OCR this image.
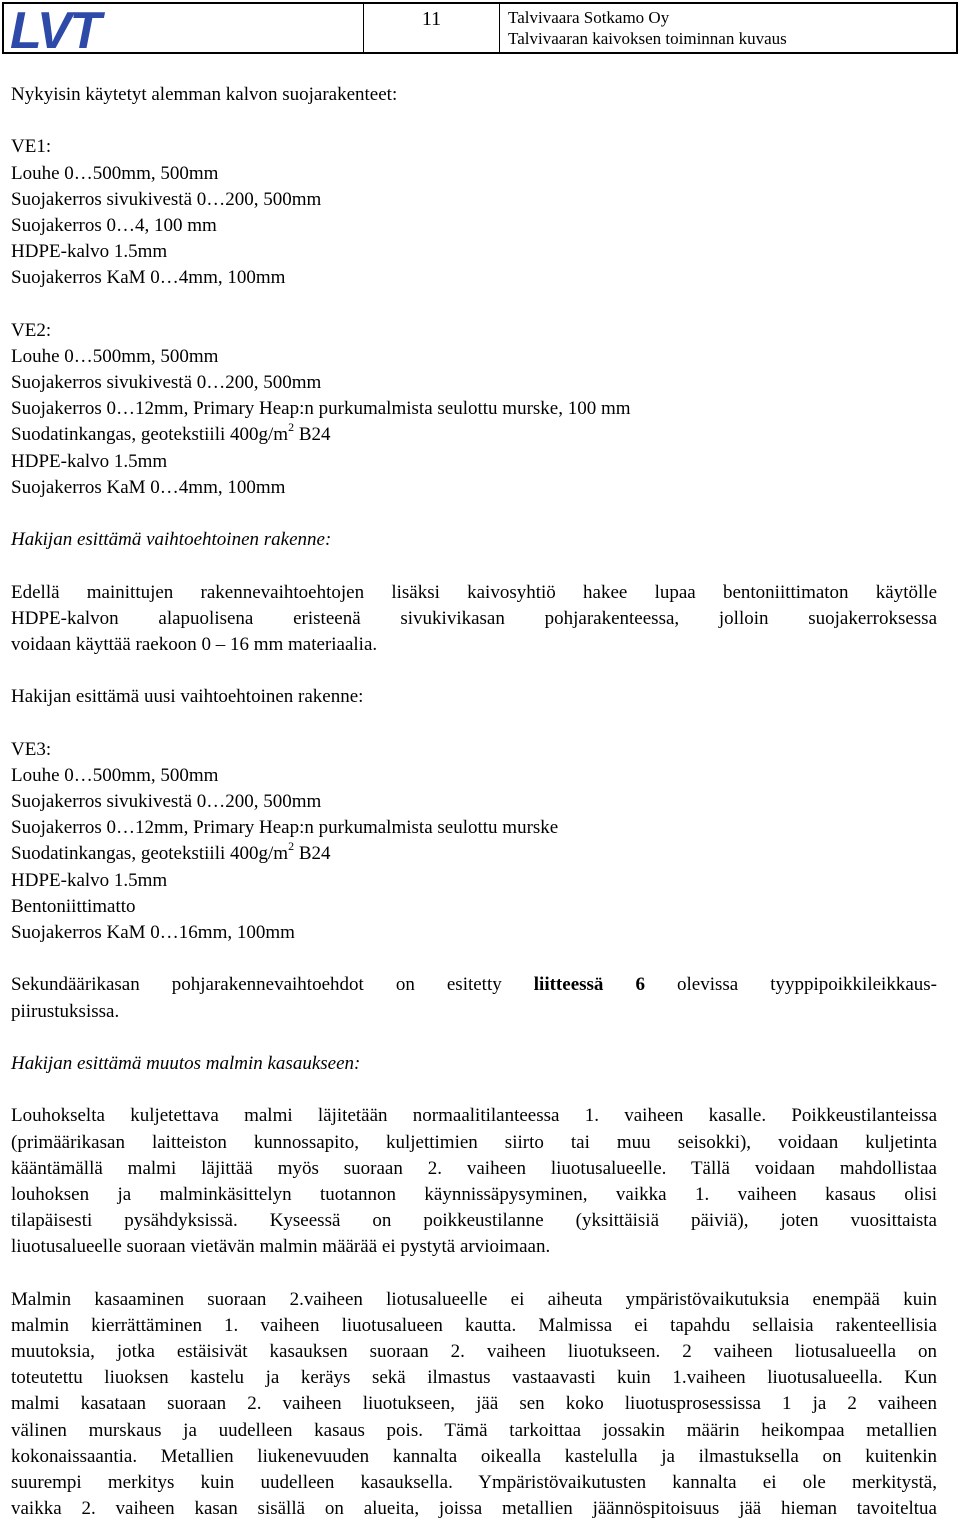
LVT	11	Talvivaara Sotkamo Oy
Talvivaaran kaivoksen toiminnan kuvaus
Nykyisin käytetyt alemman kalvon suojarakenteet:
VE1:
Louhe 0…500mm, 500mm
Suojakerros sivukivestä 0…200, 500mm
Suojakerros 0…4, 100 mm
HDPE-kalvo 1.5mm
Suojakerros KaM 0…4mm, 100mm
VE2:
Louhe 0…500mm, 500mm
Suojakerros sivukivestä 0…200, 500mm
Suojakerros 0…12mm, Primary Heap:n purkumalmista seulottu murske, 100 mm
Suodatinkangas, geotekstiili $400g/m^2$ B24
HDPE-kalvo 1.5mm
Suojakerros KaM 0…4mm, 100mm
Hakijan esittämä vaihtoehtoinen rakenne:
Edellä mainittujen rakennevaihtoehtojen lisäksi kaivosyhtiö hakee lupaa bentoniittimaton käytölle
HDPE-kalvon alapuolisena eristeenä sivukivikasan pohjarakenteessa, jolloin suojakerroksessa
voidaan käyttää raekoon 0 – 16 mm materiaalia.
Hakijan esittämä uusi vaihtoehtoinen rakenne:
VE3:
Louhe 0…500mm, 500mm
Suojakerros sivukivestä 0…200, 500mm
Suojakerros 0…12mm, Primary Heap:n purkumalmista seulottu murske
Suodatinkangas, geotekstiili $400g/m^2$ B24
HDPE-kalvo 1.5mm
Bentoniittimatto
Suojakerros KaM 0…16mm, 100mm
Sekundäärikasan pohjarakennevaihtoehdot on esitetty liitteessä 6 olevissa tyyppipoikkileikkaus-
piirustuksissa.
Hakijan esittämä muutos malmin kasaukseen:
Louhokselta kuljetettava malmi läjitetään normaalitilanteessa 1. vaiheen kasalle. Poikkeustilanteissa
(primäärikasan laitteiston kunnossapito, kuljettimien siirto tai muu seisokki), voidaan kuljetinta
kääntämällä malmi läjittää myös suoraan 2. vaiheen liuotusalueelle. Tällä voidaan mahdollistaa
louhoksen ja malminkäsittelyn tuotannon käynnissäpysyminen, vaikka 1. vaiheen kasaus olisi
tilapäisesti pysähdyksissä. Kyseessä on poikkeustilanne (yksittäisiä päiviä), joten vuosittaista
liuotusalueelle suoraan vietävän malmin määrää ei pystytä arvioimaan.
Malmin kasaaminen suoraan 2.vaiheen liotusalueelle ei aiheuta ympäristövaikutuksia enempää kuin
malmin kierrättäminen 1. vaiheen liuotusalueen kautta. Malmissa ei tapahdu sellaisia rakenteellisia
muutoksia, jotka estäisivät kasauksen suoraan 2. vaiheen liuotukseen. 2 vaiheen liotusalueella on
toteutettu liuoksen kastelu ja keräys sekä ilmastus vastaavasti kuin 1.vaiheen liuotusalueella. Kun
malmi kasataan suoraan 2. vaiheen liuotukseen, jää sen koko liuotusprosessissa 1 ja 2 vaiheen
välinen murskaus ja uudelleen kasaus pois. Tämä tarkoittaa jossakin määrin heikompaa metallien
kokonaissaantia. Metallien liukenevuuden kannalta oikealla kastelulla ja ilmastuksella on kuitenkin
suurempi merkitys kuin uudelleen kasauksella. Ympäristövaikutusten kannalta ei ole merkitystä,
vaikka 2. vaiheen kasan sisällä on alueita, joissa metallien jäännöspitoisuus jää hieman tavoiteltua
